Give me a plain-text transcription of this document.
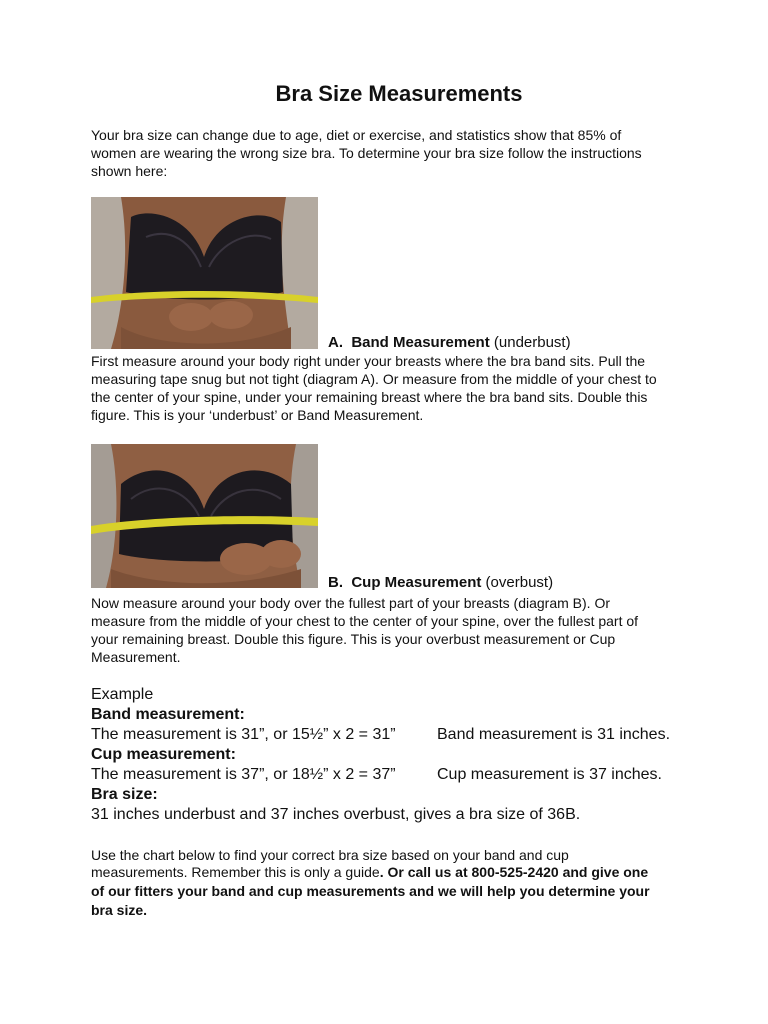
Bra Size Measurements
Your bra size can change due to age, diet or exercise, and statistics show that 85% of
women are wearing the wrong size bra. To determine your bra size follow the instructions
shown here:
A. Band Measurement (underbust)
First measure around your body right under your breasts where the bra band sits. Pull the
measuring tape snug but not tight (diagram A). Or measure from the middle of your chest to
the center of your spine, under your remaining breast where the bra band sits. Double this
figure. This is your ‘underbust’ or Band Measurement.
B. Cup Measurement (overbust)
Now measure around your body over the fullest part of your breasts (diagram B). Or
measure from the middle of your chest to the center of your spine, over the fullest part of
your remaining breast. Double this figure. This is your overbust measurement or Cup
Measurement.
Example
Band measurement:
The measurement is 31”, or 15½” x 2 = 31”	Band measurement is 31 inches.
Cup measurement:
The measurement is 37”, or 18½” x 2 = 37”	Cup measurement is 37 inches.
Bra size:
31 inches underbust and 37 inches overbust, gives a bra size of 36B.
Use the chart below to find your correct bra size based on your band and cup
measurements. Remember this is only a guide. Or call us at 800-525-2420 and give one
of our fitters your band and cup measurements and we will help you determine your
bra size.
